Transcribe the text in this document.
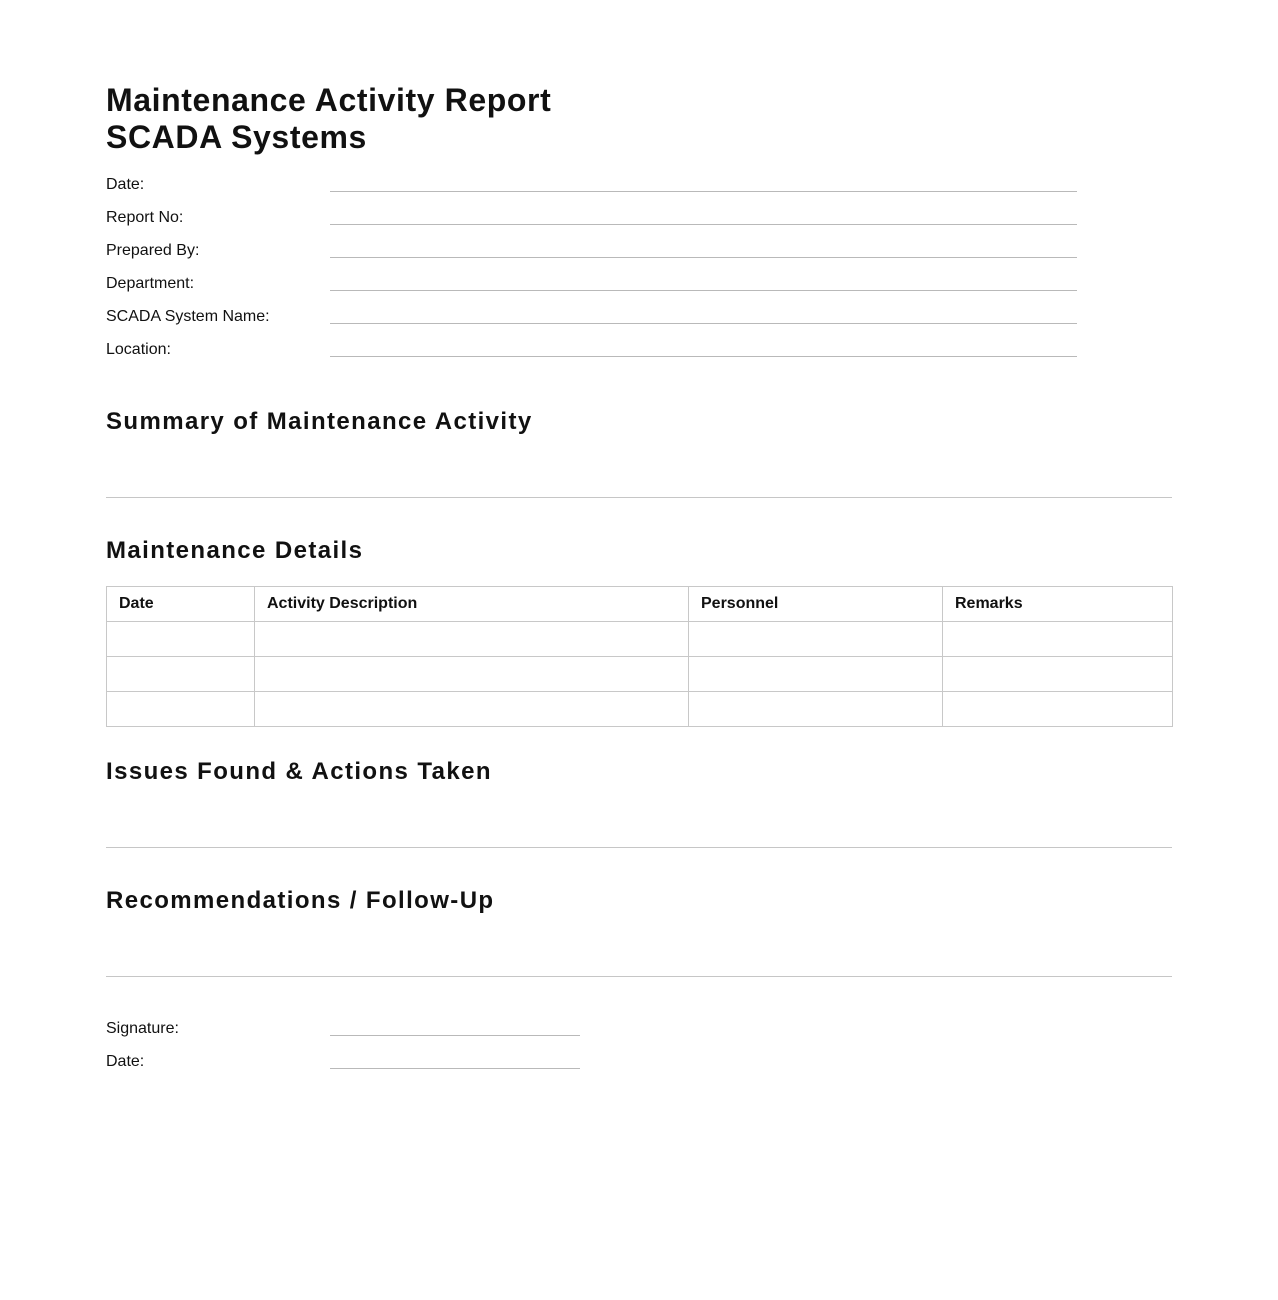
Maintenance Activity Report
SCADA Systems
Date:
Report No:
Prepared By:
Department:
SCADA System Name:
Location:
Summary of Maintenance Activity
Maintenance Details
Date	Activity Description	Personnel	Remarks

Issues Found & Actions Taken
Recommendations / Follow-Up
Signature:
Date:
